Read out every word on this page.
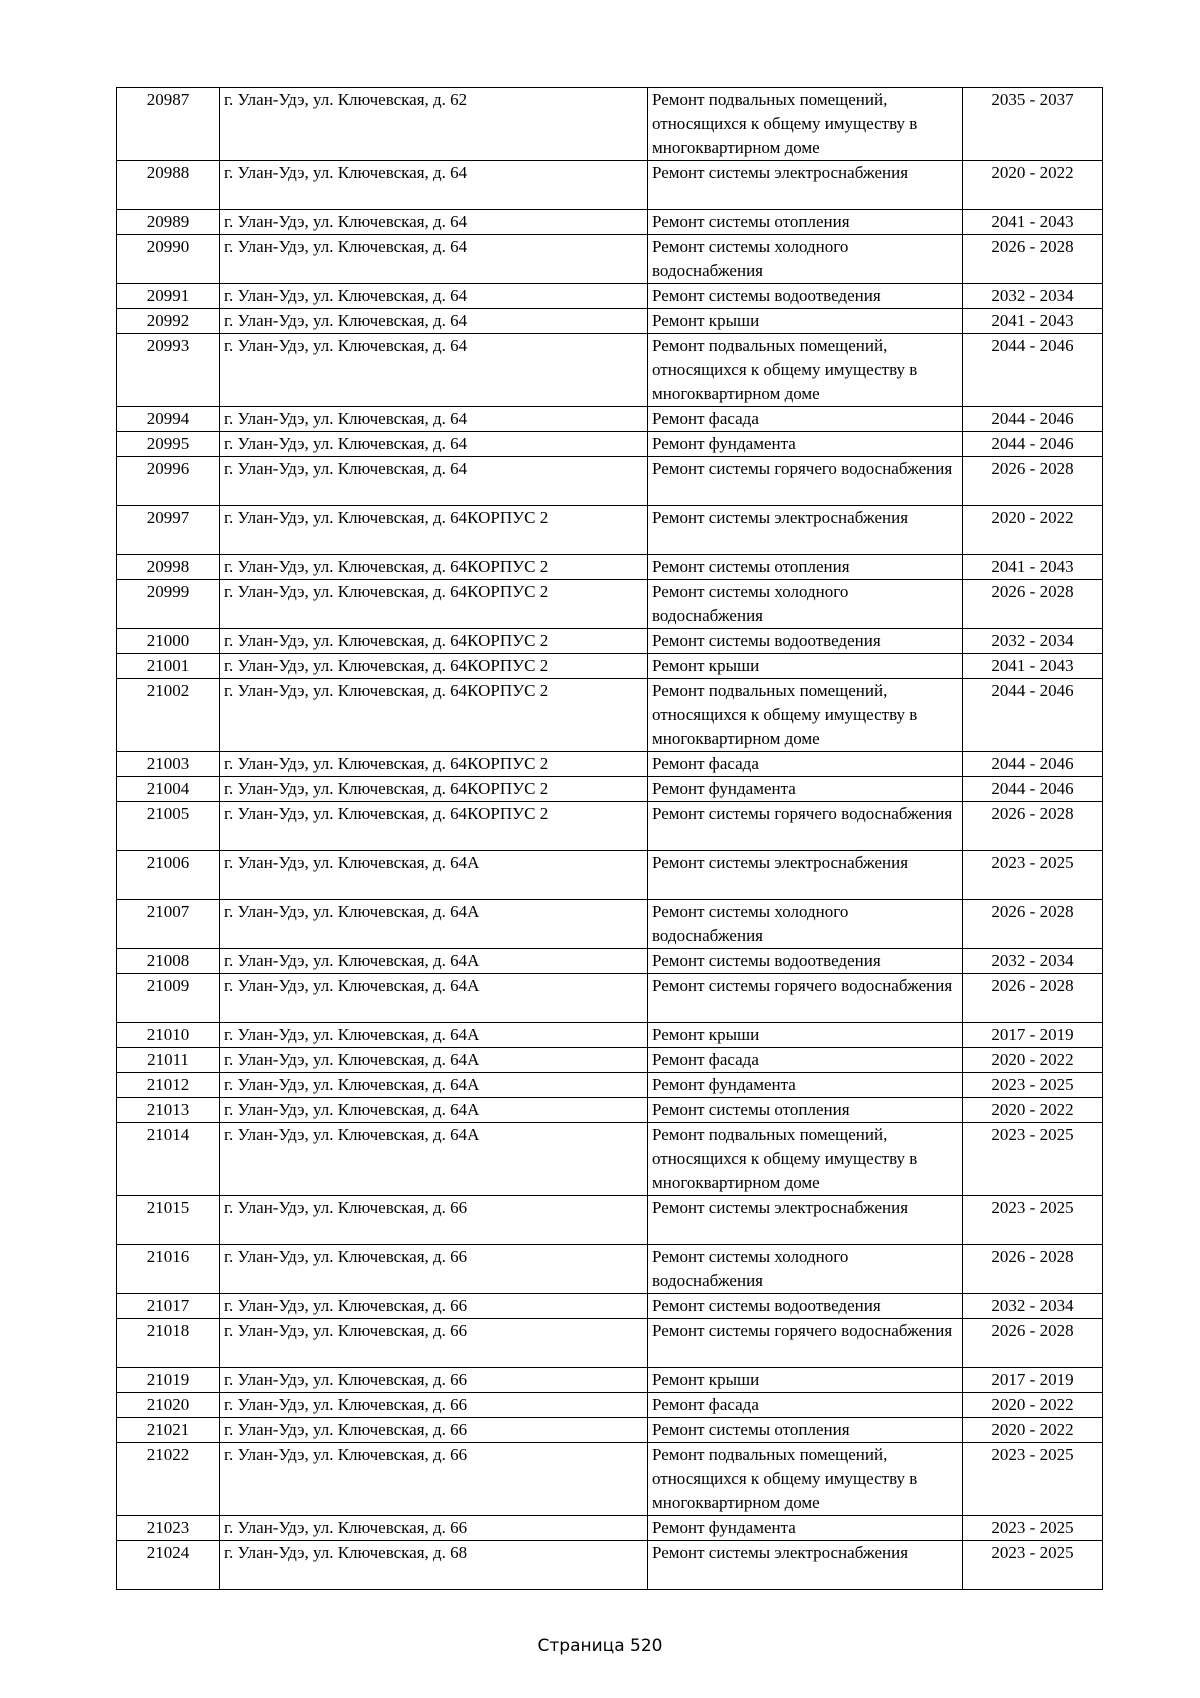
20987	г. Улан-Удэ, ул. Ключевская, д. 62	Ремонт подвальных помещений, относящихся к общему имуществу в многоквартирном доме	2035 - 2037
20988	г. Улан-Удэ, ул. Ключевская, д. 64	Ремонт системы электроснабжения	2020 - 2022
20989	г. Улан-Удэ, ул. Ключевская, д. 64	Ремонт системы отопления	2041 - 2043
20990	г. Улан-Удэ, ул. Ключевская, д. 64	Ремонт системы холодного водоснабжения	2026 - 2028
20991	г. Улан-Удэ, ул. Ключевская, д. 64	Ремонт системы водоотведения	2032 - 2034
20992	г. Улан-Удэ, ул. Ключевская, д. 64	Ремонт крыши	2041 - 2043
20993	г. Улан-Удэ, ул. Ключевская, д. 64	Ремонт подвальных помещений, относящихся к общему имуществу в многоквартирном доме	2044 - 2046
20994	г. Улан-Удэ, ул. Ключевская, д. 64	Ремонт фасада	2044 - 2046
20995	г. Улан-Удэ, ул. Ключевская, д. 64	Ремонт фундамента	2044 - 2046
20996	г. Улан-Удэ, ул. Ключевская, д. 64	Ремонт системы горячего водоснабжения	2026 - 2028
20997	г. Улан-Удэ, ул. Ключевская, д. 64КОРПУС 2	Ремонт системы электроснабжения	2020 - 2022
20998	г. Улан-Удэ, ул. Ключевская, д. 64КОРПУС 2	Ремонт системы отопления	2041 - 2043
20999	г. Улан-Удэ, ул. Ключевская, д. 64КОРПУС 2	Ремонт системы холодного водоснабжения	2026 - 2028
21000	г. Улан-Удэ, ул. Ключевская, д. 64КОРПУС 2	Ремонт системы водоотведения	2032 - 2034
21001	г. Улан-Удэ, ул. Ключевская, д. 64КОРПУС 2	Ремонт крыши	2041 - 2043
21002	г. Улан-Удэ, ул. Ключевская, д. 64КОРПУС 2	Ремонт подвальных помещений, относящихся к общему имуществу в многоквартирном доме	2044 - 2046
21003	г. Улан-Удэ, ул. Ключевская, д. 64КОРПУС 2	Ремонт фасада	2044 - 2046
21004	г. Улан-Удэ, ул. Ключевская, д. 64КОРПУС 2	Ремонт фундамента	2044 - 2046
21005	г. Улан-Удэ, ул. Ключевская, д. 64КОРПУС 2	Ремонт системы горячего водоснабжения	2026 - 2028
21006	г. Улан-Удэ, ул. Ключевская, д. 64А	Ремонт системы электроснабжения	2023 - 2025
21007	г. Улан-Удэ, ул. Ключевская, д. 64А	Ремонт системы холодного водоснабжения	2026 - 2028
21008	г. Улан-Удэ, ул. Ключевская, д. 64А	Ремонт системы водоотведения	2032 - 2034
21009	г. Улан-Удэ, ул. Ключевская, д. 64А	Ремонт системы горячего водоснабжения	2026 - 2028
21010	г. Улан-Удэ, ул. Ключевская, д. 64А	Ремонт крыши	2017 - 2019
21011	г. Улан-Удэ, ул. Ключевская, д. 64А	Ремонт фасада	2020 - 2022
21012	г. Улан-Удэ, ул. Ключевская, д. 64А	Ремонт фундамента	2023 - 2025
21013	г. Улан-Удэ, ул. Ключевская, д. 64А	Ремонт системы отопления	2020 - 2022
21014	г. Улан-Удэ, ул. Ключевская, д. 64А	Ремонт подвальных помещений, относящихся к общему имуществу в многоквартирном доме	2023 - 2025
21015	г. Улан-Удэ, ул. Ключевская, д. 66	Ремонт системы электроснабжения	2023 - 2025
21016	г. Улан-Удэ, ул. Ключевская, д. 66	Ремонт системы холодного водоснабжения	2026 - 2028
21017	г. Улан-Удэ, ул. Ключевская, д. 66	Ремонт системы водоотведения	2032 - 2034
21018	г. Улан-Удэ, ул. Ключевская, д. 66	Ремонт системы горячего водоснабжения	2026 - 2028
21019	г. Улан-Удэ, ул. Ключевская, д. 66	Ремонт крыши	2017 - 2019
21020	г. Улан-Удэ, ул. Ключевская, д. 66	Ремонт фасада	2020 - 2022
21021	г. Улан-Удэ, ул. Ключевская, д. 66	Ремонт системы отопления	2020 - 2022
21022	г. Улан-Удэ, ул. Ключевская, д. 66	Ремонт подвальных помещений, относящихся к общему имуществу в многоквартирном доме	2023 - 2025
21023	г. Улан-Удэ, ул. Ключевская, д. 66	Ремонт фундамента	2023 - 2025
21024	г. Улан-Удэ, ул. Ключевская, д. 68	Ремонт системы электроснабжения	2023 - 2025
Страница 520
